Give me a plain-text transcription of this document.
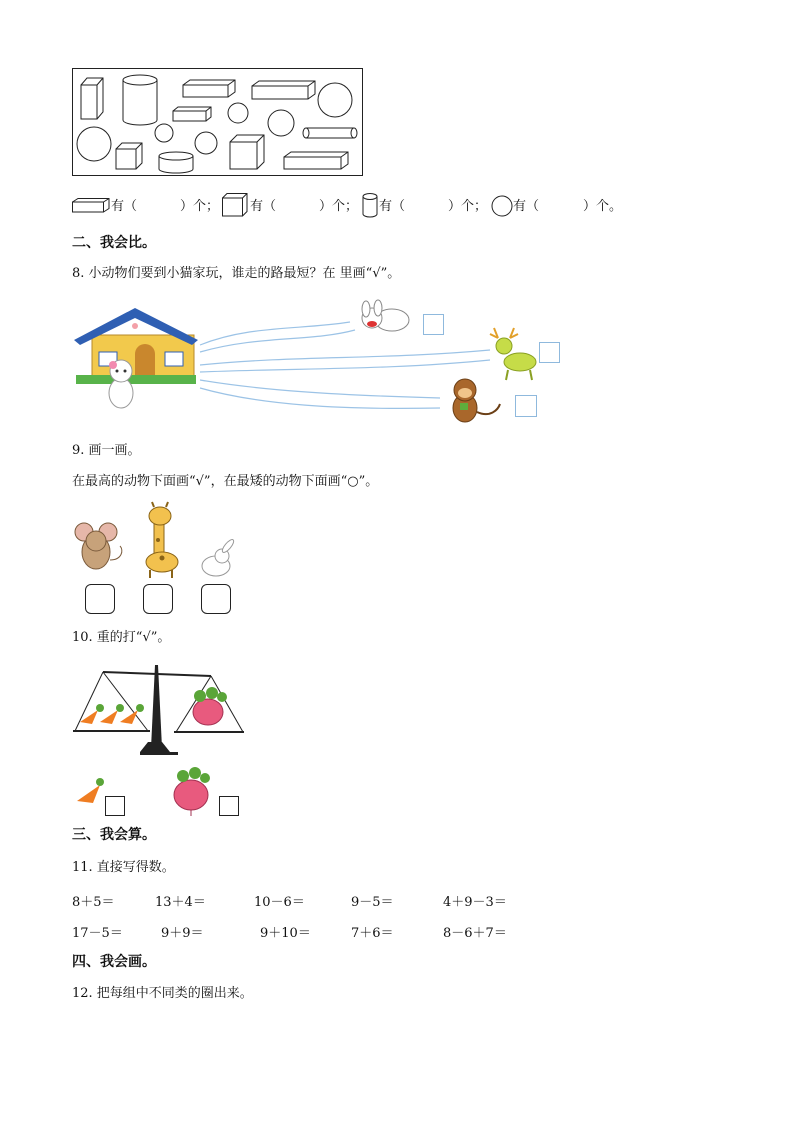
有（	）个； 有（	）个； 有（	）个； 有（	）个。
二、我会比。
8. 小动物们要到小猫家玩，谁走的路最短？在 里画“√”。
9. 画一画。
在最高的动物下面画“√”，在最矮的动物下面画“○”。
10. 重的打“√”。
三、我会算。
11. 直接写得数。
8＋5＝	13＋4＝	10－6＝	9－5＝	4＋9－3＝
17－5＝	9＋9＝	9＋10＝	7＋6＝	8－6＋7＝
四、我会画。
12. 把每组中不同类的圈出来。
